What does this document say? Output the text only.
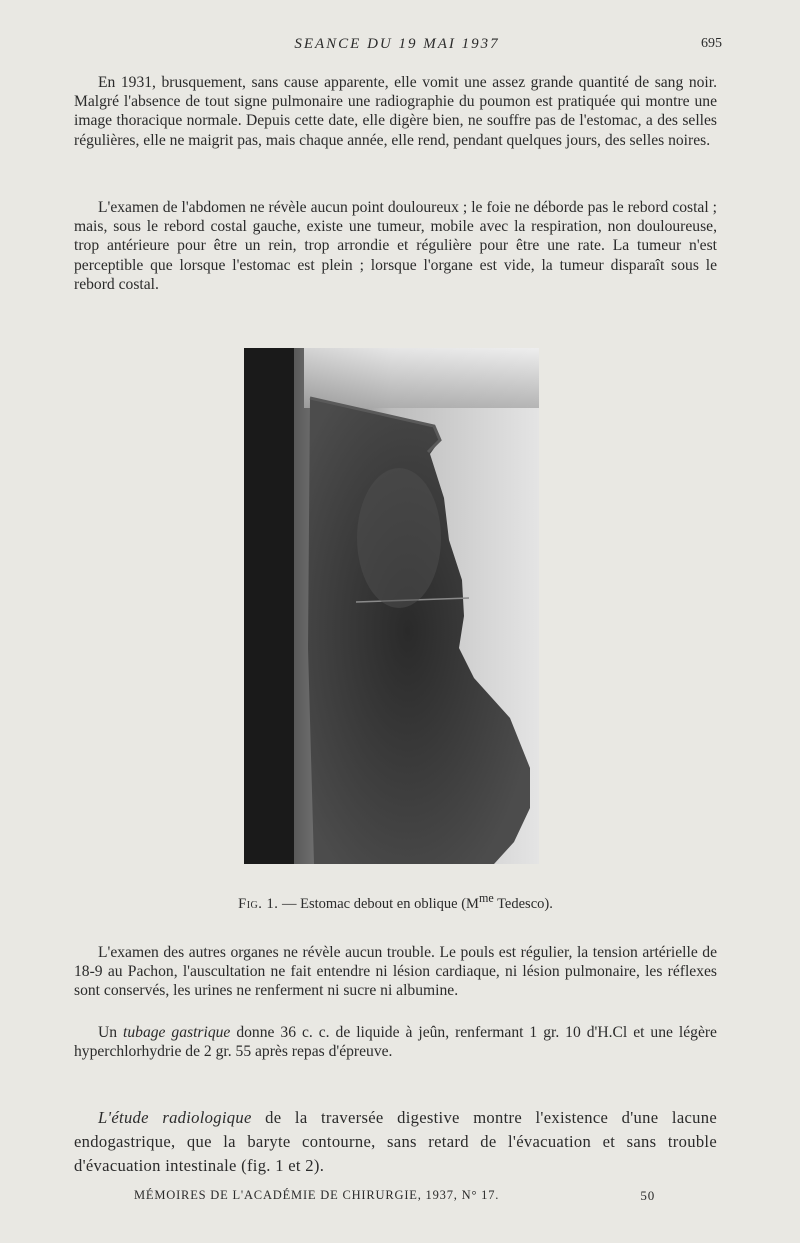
SEANCE DU 19 MAI 1937	695

En 1931, brusquement, sans cause apparente, elle vomit une assez grande quantité de sang noir. Malgré l'absence de tout signe pulmonaire une radiographie du poumon est pratiquée qui montre une image thoracique normale. Depuis cette date, elle digère bien, ne souffre pas de l'estomac, a des selles régulières, elle ne maigrit pas, mais chaque année, elle rend, pendant quelques jours, des selles noires.

L'examen de l'abdomen ne révèle aucun point douloureux ; le foie ne déborde pas le rebord costal ; mais, sous le rebord costal gauche, existe une tumeur, mobile avec la respiration, non douloureuse, trop antérieure pour être un rein, trop arrondie et régulière pour être une rate. La tumeur n'est perceptible que lorsque l'estomac est plein ; lorsque l'organe est vide, la tumeur disparaît sous le rebord costal.

Fig. 1. — Estomac debout en oblique ($M^{me}$ Tedesco).

L'examen des autres organes ne révèle aucun trouble. Le pouls est régulier, la tension artérielle de 18-9 au Pachon, l'auscultation ne fait entendre ni lésion cardiaque, ni lésion pulmonaire, les réflexes sont conservés, les urines ne renferment ni sucre ni albumine.

Un tubage gastrique donne 36 c. c. de liquide à jeûn, renfermant 1 gr. 10 d'H.Cl et une légère hyperchlorhydrie de 2 gr. 55 après repas d'épreuve.

L'étude radiologique de la traversée digestive montre l'existence d'une lacune endogastrique, que la baryte contourne, sans retard de l'évacuation et sans trouble d'évacuation intestinale (fig. 1 et 2).

MÉMOIRES DE L'ACADÉMIE DE CHIRURGIE, 1937, N° 17.	50
